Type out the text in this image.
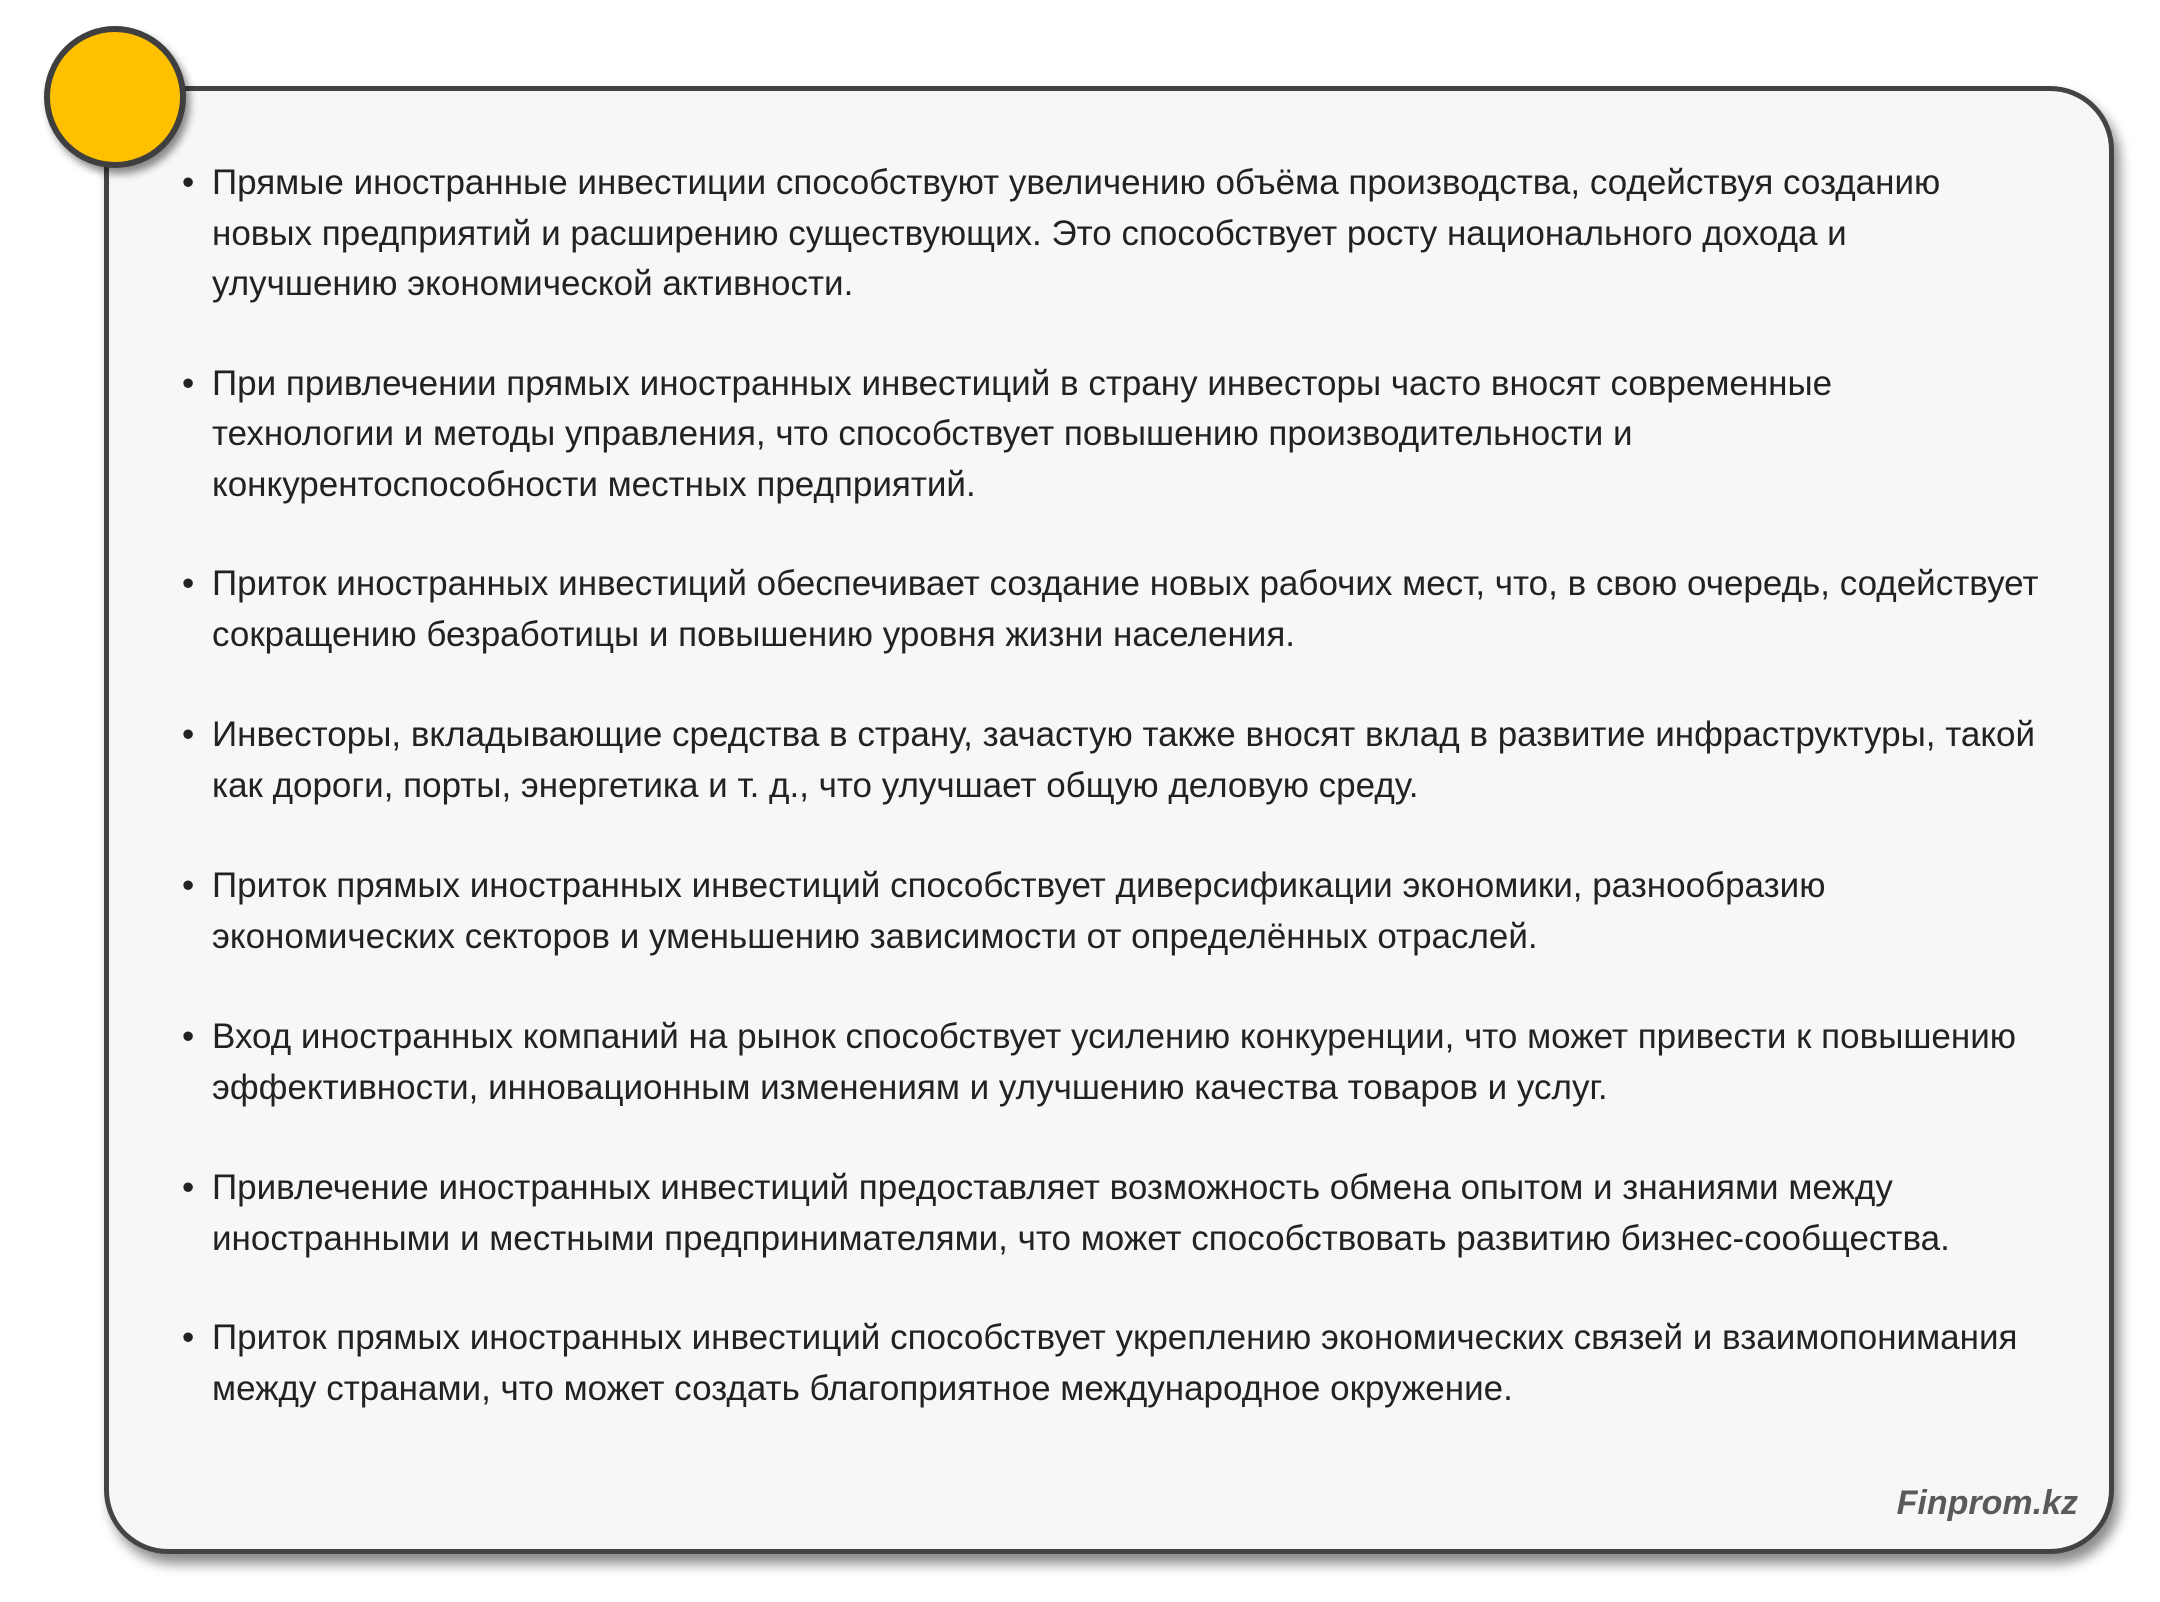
• Прямые иностранные инвестиции способствуют увеличению объёма производства, содействуя созданию новых предприятий и расширению существующих. Это способствует росту национального дохода и улучшению экономической активности.
• При привлечении прямых иностранных инвестиций в страну инвесторы часто вносят современные технологии и методы управления, что способствует повышению производительности и конкурентоспособности местных предприятий.
• Приток иностранных инвестиций обеспечивает создание новых рабочих мест, что, в свою очередь, содействует сокращению безработицы и повышению уровня жизни населения.
• Инвесторы, вкладывающие средства в страну, зачастую также вносят вклад в развитие инфраструктуры, такой как дороги, порты, энергетика и т. д., что улучшает общую деловую среду.
• Приток прямых иностранных инвестиций способствует диверсификации экономики, разнообразию экономических секторов и уменьшению зависимости от определённых отраслей.
• Вход иностранных компаний на рынок способствует усилению конкуренции, что может привести к повышению эффективности, инновационным изменениям и улучшению качества товаров и услуг.
• Привлечение иностранных инвестиций предоставляет возможность обмена опытом и знаниями между иностранными и местными предпринимателями, что может способствовать развитию бизнес-сообщества.
• Приток прямых иностранных инвестиций способствует укреплению экономических связей и взаимопонимания между странами, что может создать благоприятное международное окружение.
Finprom.kz
